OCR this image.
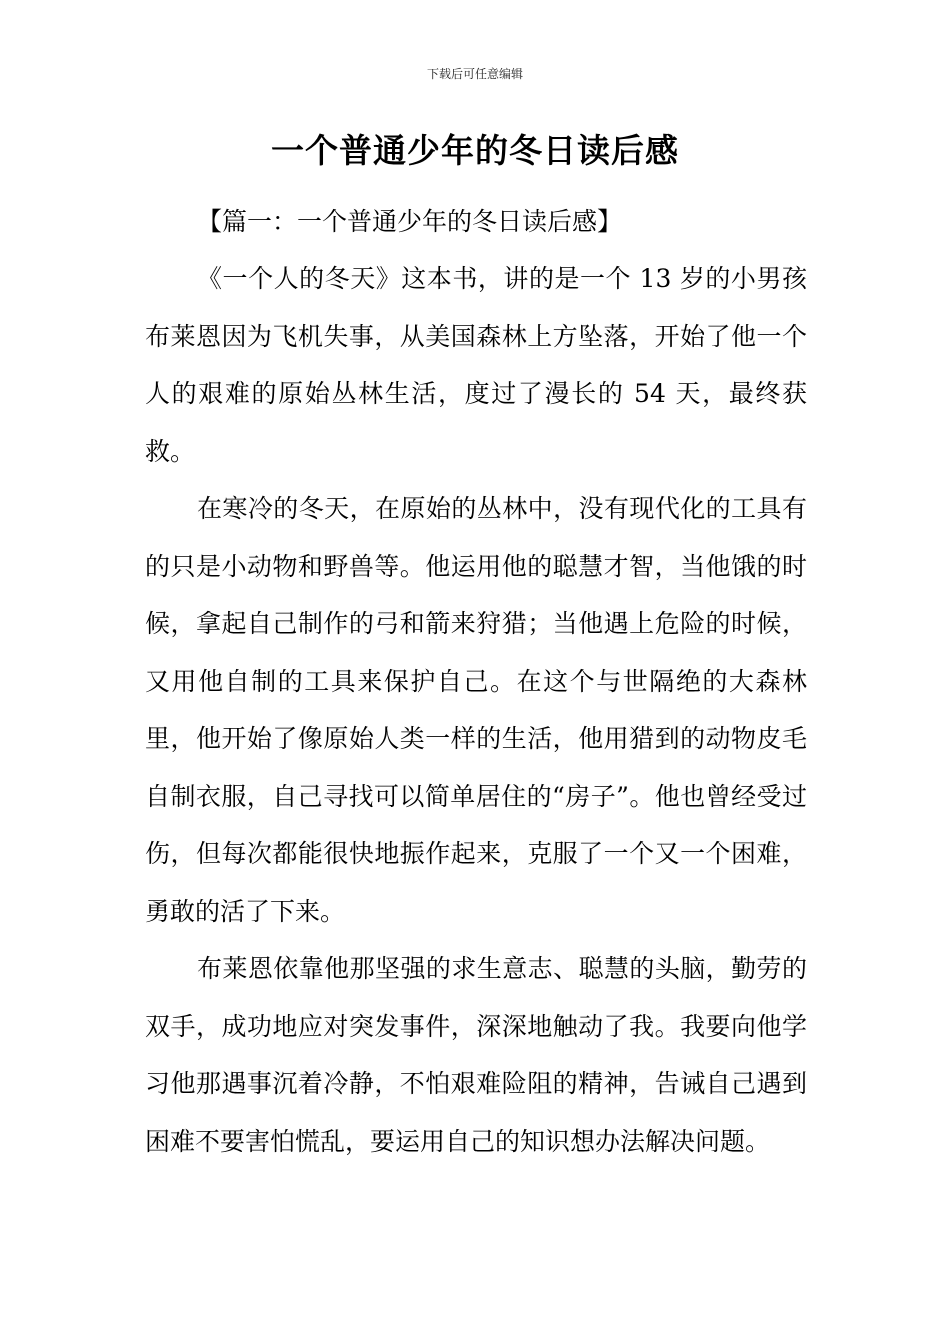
下载后可任意编辑
一个普通少年的冬日读后感
【篇一：一个普通少年的冬日读后感】

《一个人的冬天》这本书，讲的是一个 13 岁的小男孩布莱恩因为飞机失事，从美国森林上方坠落，开始了他一个人的艰难的原始丛林生活，度过了漫长的 54 天，最终获救。

在寒冷的冬天，在原始的丛林中，没有现代化的工具有的只是小动物和野兽等。他运用他的聪慧才智，当他饿的时候，拿起自己制作的弓和箭来狩猎；当他遇上危险的时候，又用他自制的工具来保护自己。在这个与世隔绝的大森林里，他开始了像原始人类一样的生活，他用猎到的动物皮毛自制衣服，自己寻找可以简单居住的“房子”。他也曾经受过伤，但每次都能很快地振作起来，克服了一个又一个困难，勇敢的活了下来。

布莱恩依靠他那坚强的求生意志、聪慧的头脑，勤劳的双手，成功地应对突发事件，深深地触动了我。我要向他学习他那遇事沉着冷静，不怕艰难险阻的精神，告诫自己遇到困难不要害怕慌乱，要运用自己的知识想办法解决问题。
